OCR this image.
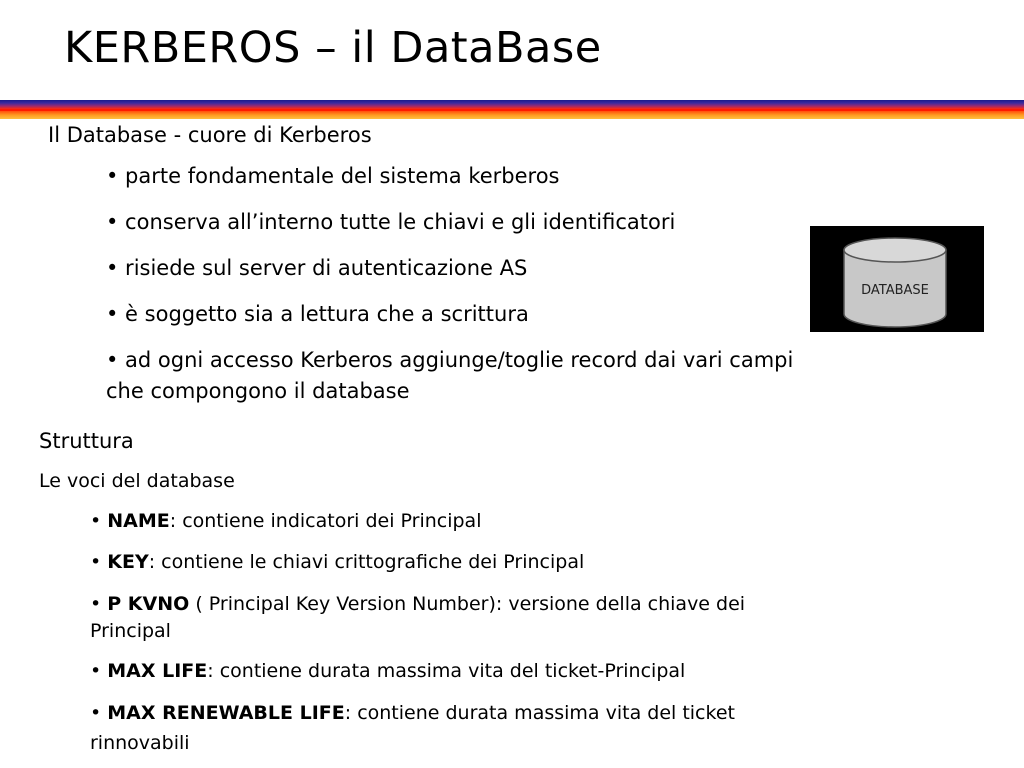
KERBEROS – il DataBase
Il Database - cuore di Kerberos
• parte fondamentale del sistema kerberos
• conserva all’interno tutte le chiavi e gli identificatori
• risiede sul server di autenticazione AS
• è soggetto sia a lettura che a scrittura
• ad ogni accesso Kerberos aggiunge/toglie record dai vari campi
che compongono il database
DATABASE
Struttura
Le voci del database
• NAME: contiene indicatori dei Principal
• KEY: contiene le chiavi crittografiche dei Principal
• P KVNO ( Principal Key Version Number): versione della chiave dei
Principal
• MAX LIFE: contiene durata massima vita del ticket-Principal
• MAX RENEWABLE LIFE: contiene durata massima vita del ticket
rinnovabili
